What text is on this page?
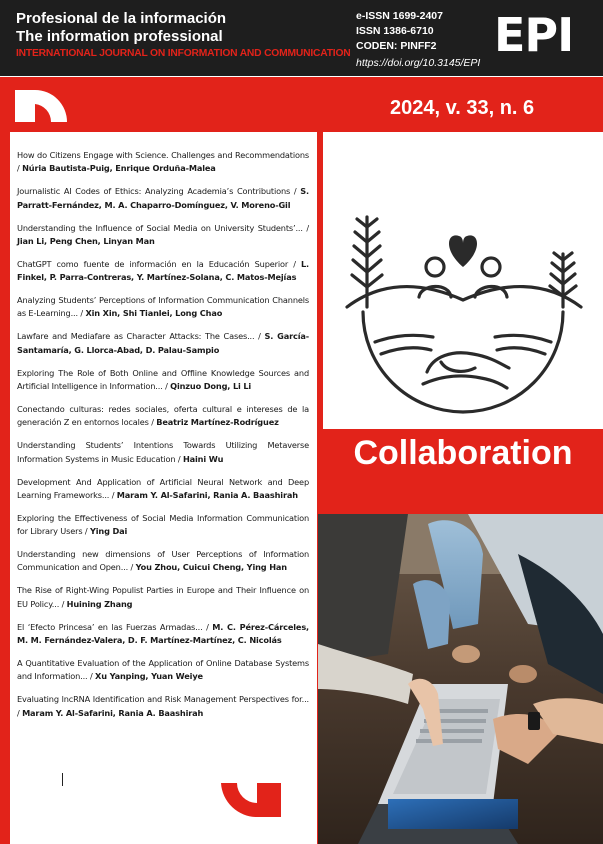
Profesional de la información
The information professional
INTERNATIONAL JOURNAL ON INFORMATION AND COMMUNICATION
e-ISSN 1699-2407
ISSN 1386-6710
CODEN: PINFF2
https://doi.org/10.3145/EPI
EPI
2024, v. 33, n. 6
How do Citizens Engage with Science. Challenges and Recommendations / Núria Bautista-Puig, Enrique Orduña-Malea
Journalistic AI Codes of Ethics: Analyzing Academia’s Contributions / S. Parratt-Fernández, M. A. Chaparro-Domínguez, V. Moreno-Gil
Understanding the Influence of Social Media on University Students’... / Jian Li, Peng Chen, Linyan Man
ChatGPT como fuente de información en la Educación Superior / L. Finkel, P. Parra-Contreras, Y. Martínez-Solana, C. Matos-Mejías
Analyzing Students’ Perceptions of Information Communication Channels as E-Learning... / Xin Xin, Shi Tianlei, Long Chao
Lawfare and Mediafare as Character Attacks: The Cases... / S. García-Santamaría, G. Llorca-Abad, D. Palau-Sampio
Exploring The Role of Both Online and Offline Knowledge Sources and Artificial Intelligence in Information... / Qinzuo Dong, Li Li
Conectando culturas: redes sociales, oferta cultural e intereses de la generación Z en entornos locales / Beatriz Martínez-Rodríguez
Understanding Students’ Intentions Towards Utilizing Metaverse Information Systems in Music Education / Haini Wu
Development And Application of Artificial Neural Network and Deep Learning Frameworks... / Maram Y. Al-Safarini, Rania A. Baashirah
Exploring the Effectiveness of Social Media Information Communication for Library Users / Ying Dai
Understanding new dimensions of User Perceptions of Information Communication and Open... / You Zhou, Cuicui Cheng, Ying Han
The Rise of Right-Wing Populist Parties in Europe and Their Influence on EU Policy... / Huining Zhang
El ‘Efecto Princesa’ en las Fuerzas Armadas... / M. C. Pérez-Cárceles, M. M. Fernández-Valera, D. F. Martínez-Martínez, C. Nicolás
A Quantitative Evaluation of the Application of Online Database Systems and Information... / Xu Yanping, Yuan Weiye
Evaluating lncRNA Identification and Risk Management Perspectives for... / Maram Y. Al-Safarini, Rania A. Baashirah
Collaboration
